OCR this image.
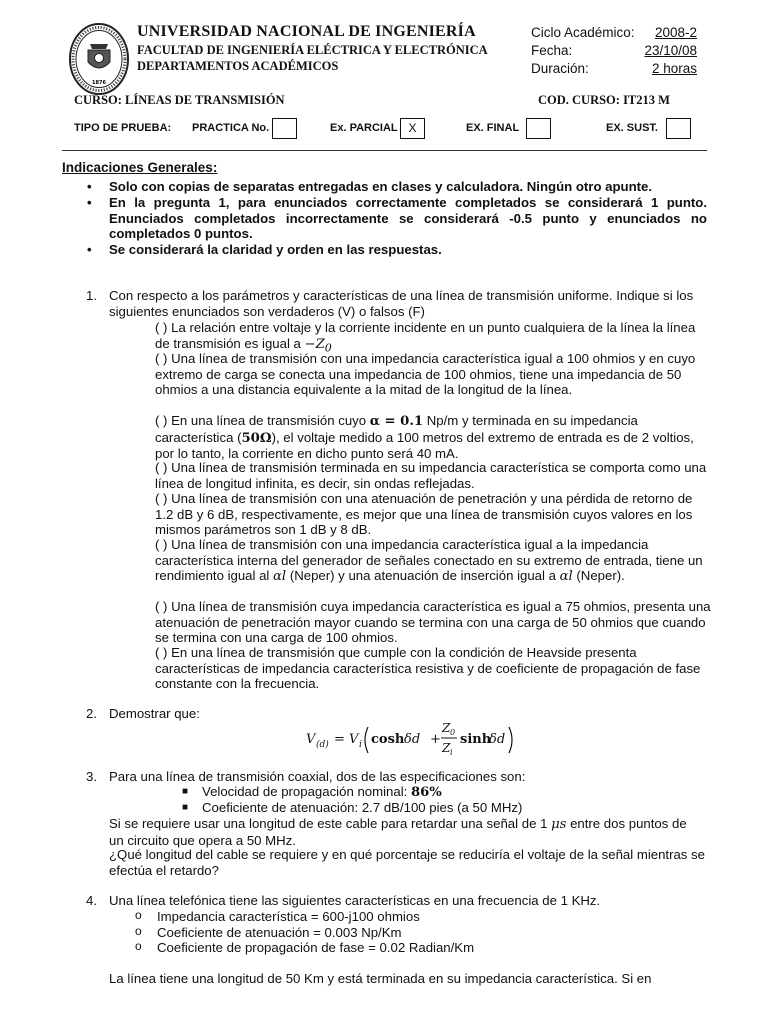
1876
UNIVERSIDAD NACIONAL DE INGENIERÍA
FACULTAD DE INGENIERÍA ELÉCTRICA Y ELECTRÓNICA
DEPARTAMENTOS ACADÉMICOS
Ciclo Académico: 2008-2
Fecha:	23/10/08
Duración:	2 horas
CURSO: LÍNEAS DE TRANSMISIÓN	COD. CURSO: IT213 M
TIPO DE PRUEBA: PRACTICA No.	Ex. PARCIAL X	EX. FINAL	EX. SUST.
Indicaciones Generales:
• Solo con copias de separatas entregadas en clases y calculadora. Ningún otro apunte.
• En la pregunta 1, para enunciados correctamente completados se considerará 1 punto. Enunciados completados incorrectamente se considerará -0.5 punto y enunciados no completados 0 puntos.
• Se considerará la claridad y orden en las respuestas.
1. Con respecto a los parámetros y características de una línea de transmisión uniforme. Indique si los siguientes enunciados son verdaderos (V) o falsos (F)
( ) La relación entre voltaje y la corriente incidente en un punto cualquiera de la línea la línea de transmisión es igual $a -Z_0$
( ) Una línea de transmisión con una impedancia característica igual a 100 ohmios y en cuyo extremo de carga se conecta una impedancia de 100 ohmios, tiene una impedancia de 50 ohmios a una distancia equivalente a la mitad de la longitud de la línea.
( ) En una línea de transmisión cuyo α = 0.1 Np/m y terminada en su impedancia característica (50Ω), el voltaje medido a 100 metros del extremo de entrada es de 2 voltios, por lo tanto, la corriente en dicho punto será 40 mA.
( ) Una línea de transmisión terminada en su impedancia característica se comporta como una línea de longitud infinita, es decir, sin ondas reflejadas.
( ) Una línea de transmisión con una atenuación de penetración y una pérdida de retorno de 1.2 dB y 6 dB, respectivamente, es mejor que una línea de transmisión cuyos valores en los mismos parámetros son 1 dB y 8 dB.
( ) Una línea de transmisión con una impedancia característica igual a la impedancia característica interna del generador de señales conectado en su extremo de entrada, tiene un rendimiento igual al αl (Neper) y una atenuación de inserción igual a αl (Neper).
( ) Una línea de transmisión cuya impedancia característica es igual a 75 ohmios, presenta una atenuación de penetración mayor cuando se termina con una carga de 50 ohmios que cuando se termina con una carga de 100 ohmios.
( ) En una línea de transmisión que cumple con la condición de Heavside presenta características de impedancia característica resistiva y de coeficiente de propagación de fase constante con la frecuencia.
2. Demostrar que:
3. Para una línea de transmisión coaxial, dos de las especificaciones son:
■ Velocidad de propagación nominal: 86%
■ Coeficiente de atenuación: 2.7 dB/100 pies (a 50 MHz)
Si se requiere usar una longitud de este cable para retardar una señal de 1 μs entre dos puntos de un circuito que opera a 50 MHz.
¿Qué longitud del cable se requiere y en qué porcentaje se reduciría el voltaje de la señal mientras se efectúa el retardo?
4. Una línea telefónica tiene las siguientes características en una frecuencia de 1 KHz.
o Impedancia característica = 600-j100 ohmios
o Coeficiente de atenuación = 0.003 Np/Km
o Coeficiente de propagación de fase = 0.02 Radian/Km
La línea tiene una longitud de 50 Km y está terminada en su impedancia característica. Si en
V (d) = V i cosh δd +
Z 0
Z i
sinh
δd
